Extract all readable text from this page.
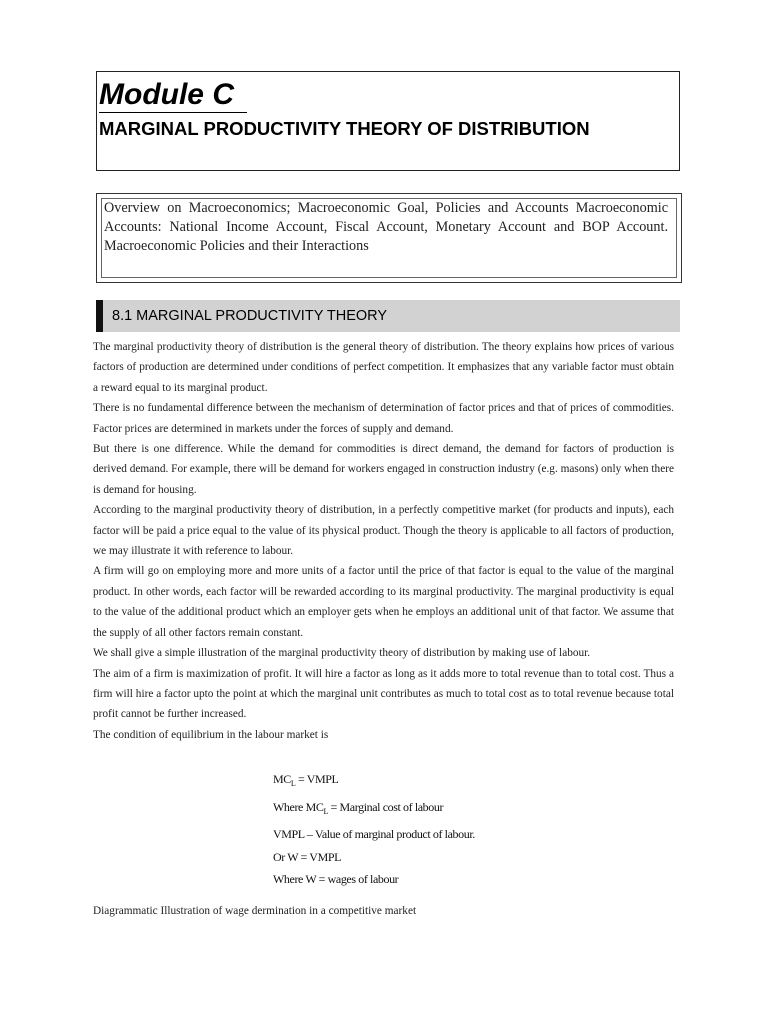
Module C
MARGINAL PRODUCTIVITY THEORY OF DISTRIBUTION
Overview on Macroeconomics; Macroeconomic Goal, Policies and Accounts Macroeconomic Accounts: National Income Account, Fiscal Account, Monetary Account and BOP Account. Macroeconomic Policies and their Interactions
8.1 MARGINAL PRODUCTIVITY THEORY

The marginal productivity theory of distribution is the general theory of distribution. The theory explains how prices of various factors of production are determined under conditions of perfect competition. It emphasizes that any variable factor must obtain a reward equal to its marginal product.

There is no fundamental difference between the mechanism of determination of factor prices and that of prices of commodities. Factor prices are determined in markets under the forces of supply and demand.

But there is one difference. While the demand for commodities is direct demand, the demand for factors of production is derived demand. For example, there will be demand for workers engaged in construction industry (e.g. masons) only when there is demand for housing.

According to the marginal productivity theory of distribution, in a perfectly competitive market (for products and inputs), each factor will be paid a price equal to the value of its physical product. Though the theory is applicable to all factors of production, we may illustrate it with reference to labour.

A firm will go on employing more and more units of a factor until the price of that factor is equal to the value of the marginal product. In other words, each factor will be rewarded according to its marginal productivity. The marginal productivity is equal to the value of the additional product which an employer gets when he employs an additional unit of that factor. We assume that the supply of all other factors remain constant.

We shall give a simple illustration of the marginal productivity theory of distribution by making use of labour.

The aim of a firm is maximization of profit. It will hire a factor as long as it adds more to total revenue than to total cost. Thus a firm will hire a factor upto the point at which the marginal unit contributes as much to total cost as to total revenue because total profit cannot be further increased.

The condition of equilibrium in the labour market is

$MC_L$ = VMPL
Where $MC_L$ = Marginal cost of labour
VMPL – Value of marginal product of labour.
Or W = VMPL
Where W = wages of labour
Diagrammatic Illustration of wage dermination in a competitive market
